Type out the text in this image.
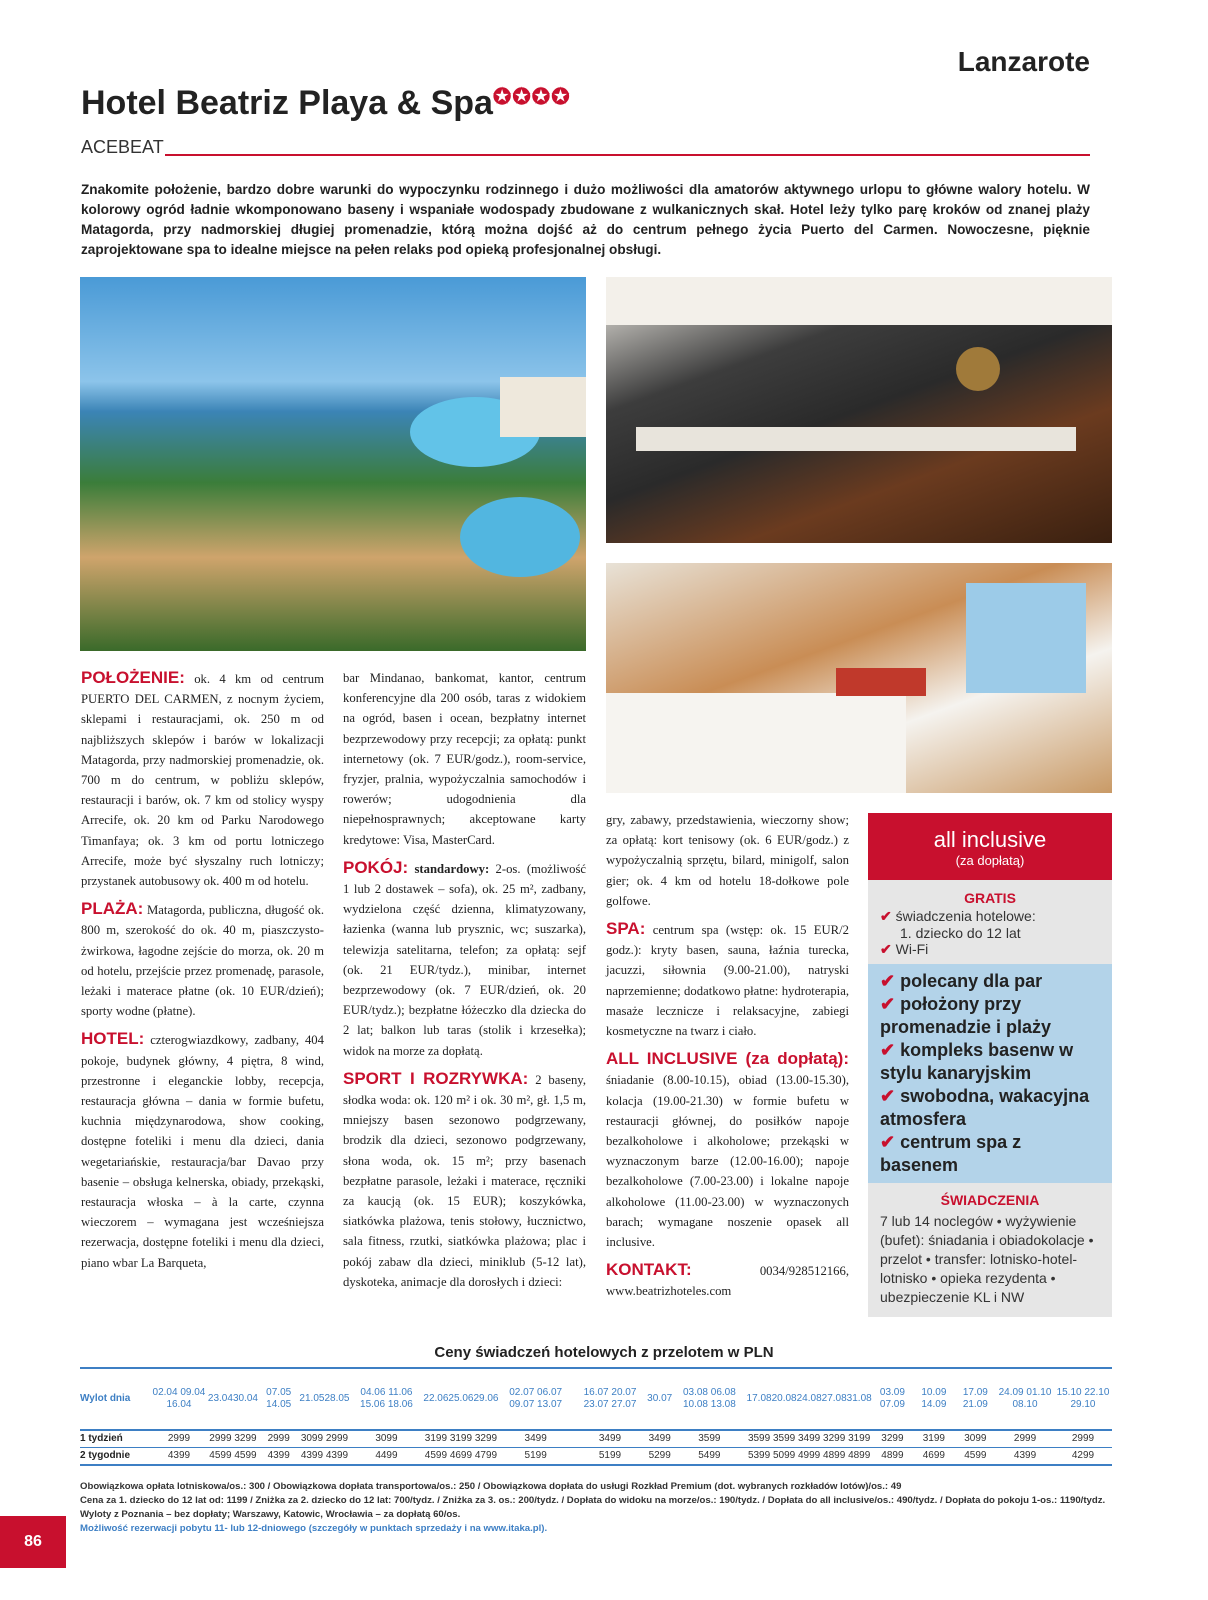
Lanzarote
Hotel Beatriz Playa & Spa✪✪✪✪
ACEBEAT
Znakomite położenie, bardzo dobre warunki do wypoczynku rodzinnego i dużo możliwości dla amatorów aktywnego urlopu to główne walory hotelu. W kolorowy ogród ładnie wkomponowano baseny i wspaniałe wodospady zbudowane z wulkanicznych skał. Hotel leży tylko parę kroków od znanej plaży Matagorda, przy nadmorskiej długiej promenadzie, którą można dojść aż do centrum pełnego życia Puerto del Carmen. Nowoczesne, pięknie zaprojektowane spa to idealne miejsce na pełen relaks pod opieką profesjonalnej obsługi.
POŁOŻENIE: ok. 4 km od centrum PUERTO DEL CARMEN, z nocnym życiem, sklepami i restauracjami, ok. 250 m od najbliższych sklepów i barów w lokalizacji Matagorda, przy nadmorskiej promenadzie, ok. 700 m do centrum, w pobliżu sklepów, restauracji i barów, ok. 7 km od stolicy wyspy Arrecife, ok. 20 km od Parku Narodowego Timanfaya; ok. 3 km od portu lotniczego Arrecife, może być słyszalny ruch lotniczy; przystanek autobusowy ok. 400 m od hotelu.
PLAŻA: Matagorda, publiczna, długość ok. 800 m, szerokość do ok. 40 m, piaszczysto-żwirkowa, łagodne zejście do morza, ok. 20 m od hotelu, przejście przez promenadę, parasole, leżaki i materace płatne (ok. 10 EUR/dzień); sporty wodne (płatne).
HOTEL: czterogwiazdkowy, zadbany, 404 pokoje, budynek główny, 4 piętra, 8 wind, przestronne i eleganckie lobby, recepcja, restauracja główna – dania w formie bufetu, kuchnia międzynarodowa, show cooking, dostępne foteliki i menu dla dzieci, dania wegetariańskie, restauracja/bar Davao przy basenie – obsługa kelnerska, obiady, przekąski, restauracja włoska – à la carte, czynna wieczorem – wymagana jest wcześniejsza rezerwacja, dostępne foteliki i menu dla dzieci, piano wbar La Barqueta,
bar Mindanao, bankomat, kantor, centrum konferencyjne dla 200 osób, taras z widokiem na ogród, basen i ocean, bezpłatny internet bezprzewodowy przy recepcji; za opłatą: punkt internetowy (ok. 7 EUR/godz.), room-service, fryzjer, pralnia, wypożyczalnia samochodów i rowerów; udogodnienia dla niepełnosprawnych; akceptowane karty kredytowe: Visa, MasterCard.
POKÓJ: standardowy: 2-os. (możliwość 1 lub 2 dostawek – sofa), ok. 25 m², zadbany, wydzielona część dzienna, klimatyzowany, łazienka (wanna lub prysznic, wc; suszarka), telewizja satelitarna, telefon; za opłatą: sejf (ok. 21 EUR/tydz.), minibar, internet bezprzewodowy (ok. 7 EUR/dzień, ok. 20 EUR/tydz.); bezpłatne łóżeczko dla dziecka do 2 lat; balkon lub taras (stolik i krzesełka); widok na morze za dopłatą.
SPORT I ROZRYWKA: 2 baseny, słodka woda: ok. 120 m² i ok. 30 m², gł. 1,5 m, mniejszy basen sezonowo podgrzewany, brodzik dla dzieci, sezonowo podgrzewany, słona woda, ok. 15 m²; przy basenach bezpłatne parasole, leżaki i materace, ręczniki za kaucją (ok. 15 EUR); koszykówka, siatkówka plażowa, tenis stołowy, łucznictwo, sala fitness, rzutki, siatkówka plażowa; plac i pokój zabaw dla dzieci, miniklub (5-12 lat), dyskoteka, animacje dla dorosłych i dzieci:
gry, zabawy, przedstawienia, wieczorny show; za opłatą: kort tenisowy (ok. 6 EUR/godz.) z wypożyczalnią sprzętu, bilard, minigolf, salon gier; ok. 4 km od hotelu 18-dołkowe pole golfowe.
SPA: centrum spa (wstęp: ok. 15 EUR/2 godz.): kryty basen, sauna, łaźnia turecka, jacuzzi, siłownia (9.00-21.00), natryski naprzemienne; dodatkowo płatne: hydroterapia, masaże lecznicze i relaksacyjne, zabiegi kosmetyczne na twarz i ciało.
ALL INCLUSIVE (za dopłatą): śniadanie (8.00-10.15), obiad (13.00-15.30), kolacja (19.00-21.30) w formie bufetu w restauracji głównej, do posiłków napoje bezalkoholowe i alkoholowe; przekąski w wyznaczonym barze (12.00-16.00); napoje bezalkoholowe (7.00-23.00) i lokalne napoje alkoholowe (11.00-23.00) w wyznaczonych barach; wymagane noszenie opasek all inclusive.
KONTAKT:	0034/928512166, www.beatrizhoteles.com
all inclusive
(za dopłatą)
GRATIS
✔ świadczenia hotelowe:
1. dziecko do 12 lat
✔ Wi-Fi
✔ polecany dla par
✔ położony przy promenadzie i plaży
✔ kompleks basenw w stylu kanaryjskim
✔ swobodna, wakacyjna atmosfera
✔ centrum spa z basenem
ŚWIADCZENIA
7 lub 14 noclegów • wyżywienie (bufet): śniadania i obiadokolacje • przelot • transfer: lotnisko-hotel-lotnisko • opieka rezydenta • ubezpieczenie KL i NW
Ceny świadczeń hotelowych z przelotem w PLN
Wylot dnia	02.04 09.04 16.04	23.04	30.04	07.05 14.05	21.05	28.05	04.06 11.06 15.06 18.06	22.06	25.06	29.06	02.07 06.07 09.07 13.07	16.07 20.07 23.07 27.07	30.07	03.08 06.08 10.08 13.08	17.08	20.08	24.08	27.08	31.08	03.09 07.09	10.09 14.09	17.09 21.09	24.09 01.10 08.10	15.10 22.10 29.10
1 tydzień	2999	2999	3299	2999	3099	2999	3099	3199	3199	3299	3499	3499	3499	3599	3599	3599	3499	3299	3199	3299	3199	3099	2999	2999
2 tygodnie	4399	4599	4599	4399	4399	4399	4499	4599	4699	4799	5199	5199	5299	5499	5399	5099	4999	4899	4899	4899	4699	4599	4399	4299
Obowiązkowa opłata lotniskowa/os.: 300 / Obowiązkowa dopłata transportowa/os.: 250 / Obowiązkowa dopłata do usługi Rozkład Premium (dot. wybranych rozkładów lotów)/os.: 49
Cena za 1. dziecko do 12 lat od: 1199 / Zniżka za 2. dziecko do 12 lat: 700/tydz. / Zniżka za 3. os.: 200/tydz. / Dopłata do widoku na morze/os.: 190/tydz. / Dopłata do all inclusive/os.: 490/tydz. / Dopłata do pokoju 1-os.: 1190/tydz.
Wyloty z Poznania – bez dopłaty; Warszawy, Katowic, Wrocławia – za dopłatą 60/os.
Możliwość rezerwacji pobytu 11- lub 12-dniowego (szczegóły w punktach sprzedaży i na www.itaka.pl).
86
